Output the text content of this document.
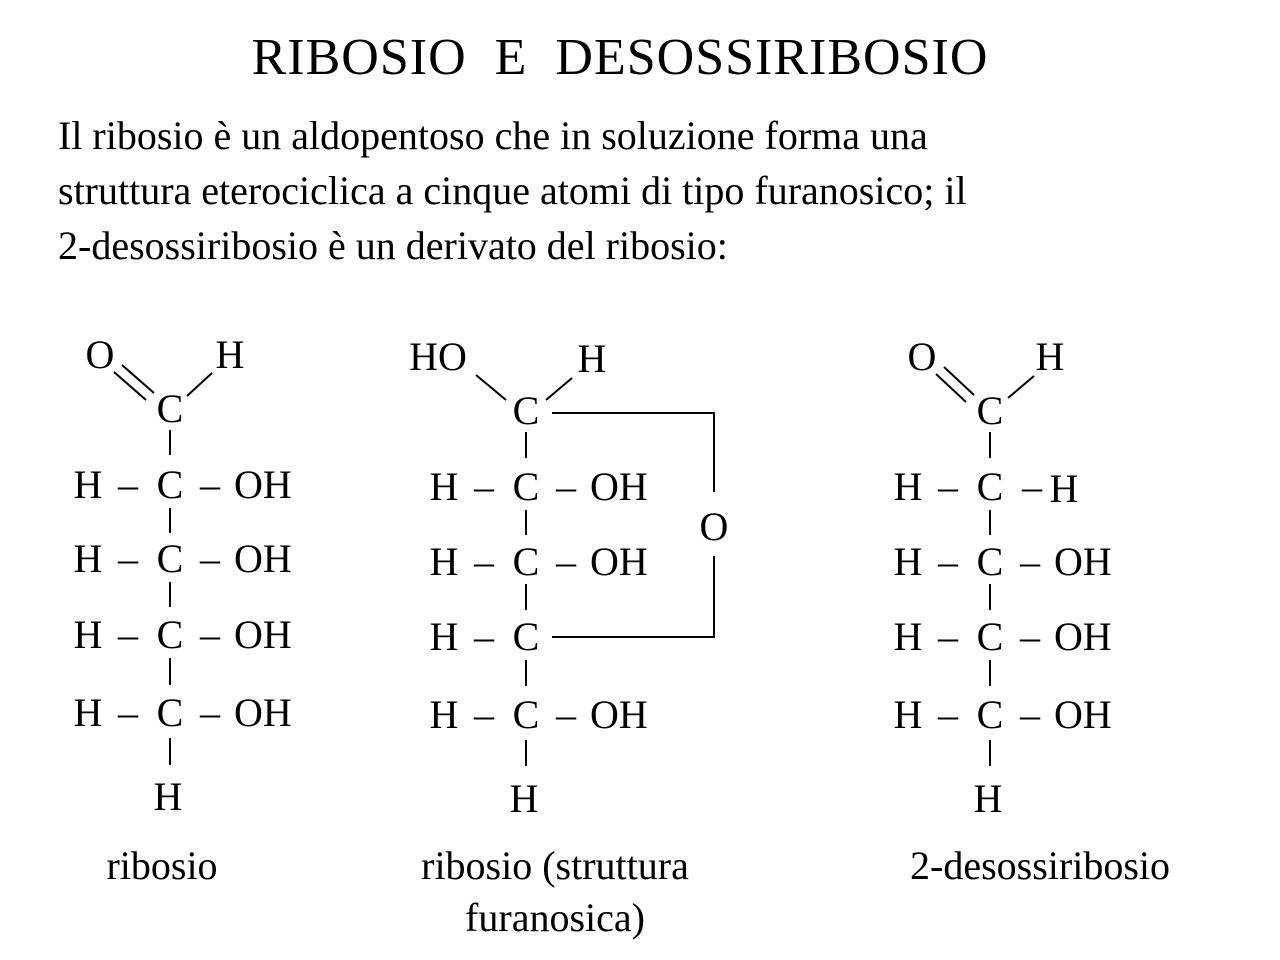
RIBOSIO  E  DESOSSIRIBOSIO
Il ribosio è un aldopentoso che in soluzione forma una
struttura eterociclica a cinque atomi di tipo furanosico; il
2-desossiribosio è un derivato del ribosio:
O	H
C
H – C – OH
H – C – OH
H – C – OH
H – C – OH
H
HO	H
C
H – C – OH
H – C – OH
H – C
H – C – OH
H
O
O H
C
H – C – H
H – C – OH
H – C – OH
H – C – OH
H
ribosio	ribosio (struttura
furanosica)
2-desossiribosio
